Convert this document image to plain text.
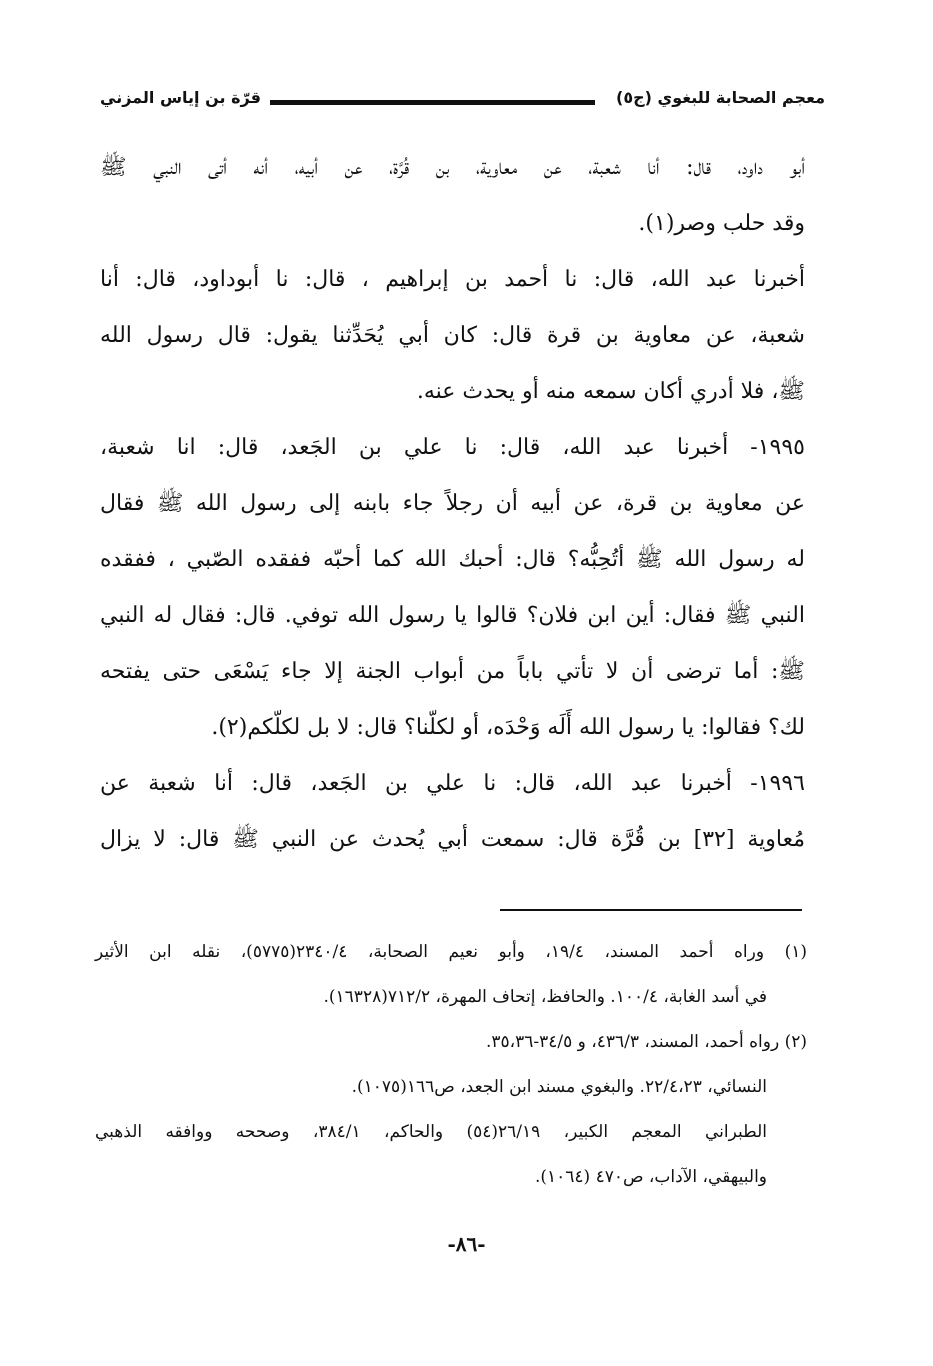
معجم الصحابة للبغوي (ج٥)
قرّة بن إياس المزني
أبو داود، قال: أنا شعبة، عن معاوية، بن قُرَّة، عن أبيه، أنه أتى النبي ﷺ
وقد حلب وصر(١).
أخبرنا عبد الله، قال: نا أحمد بن إبراهيم ، قال: نا أبوداود، قال: أنا
شعبة، عن معاوية بن قرة قال: كان أبي يُحَدِّثنا يقول: قال رسول الله
ﷺ، فلا أدري أكان سمعه منه أو يحدث عنه.
١٩٩٥- أخبرنا عبد الله، قال: نا علي بن الجَعد، قال: انا شعبة،
عن معاوية بن قرة، عن أبيه أن رجلاً جاء بابنه إلى رسول الله ﷺ فقال
له رسول الله ﷺ أتُحِبُّه؟ قال: أحبك الله كما أحبّه ففقده الصّبي ، ففقده
النبي ﷺ فقال: أين ابن فلان؟ قالوا يا رسول الله توفي. قال: فقال له النبي
ﷺ: أما ترضى أن لا تأتي باباً من أبواب الجنة إلا جاء يَسْعَى حتى يفتحه
لك؟ فقالوا: يا رسول الله أَلَه وَحْدَه، أو لكلّنا؟ قال: لا بل لكلّكم(٢).
١٩٩٦- أخبرنا عبد الله، قال: نا علي بن الجَعد، قال: أنا شعبة عن
مُعاوية [٣٢] بن قُرَّة قال: سمعت أبي يُحدث عن النبي ﷺ قال: لا يزال
(١) وراه أحمد المسند، ١٩/٤، وأبو نعيم الصحابة، ٢٣٤٠/٤(٥٧٧٥)، نقله ابن الأثير
في أسد الغابة، ١٠٠/٤. والحافظ، إتحاف المهرة، ٧١٢/٢(١٦٣٢٨).
(٢) رواه أحمد، المسند، ٤٣٦/٣، و ٣٤/٥-٣٥،٣٦.
النسائي، ٢٢/٤،٢٣. والبغوي مسند ابن الجعد، ص١٦٦(١٠٧٥).
الطبراني المعجم الكبير، ٢٦/١٩(٥٤) والحاكم، ٣٨٤/١، وصححه ووافقه الذهبي
والبيهقي، الآداب، ص٤٧٠ (١٠٦٤).
-٨٦-
